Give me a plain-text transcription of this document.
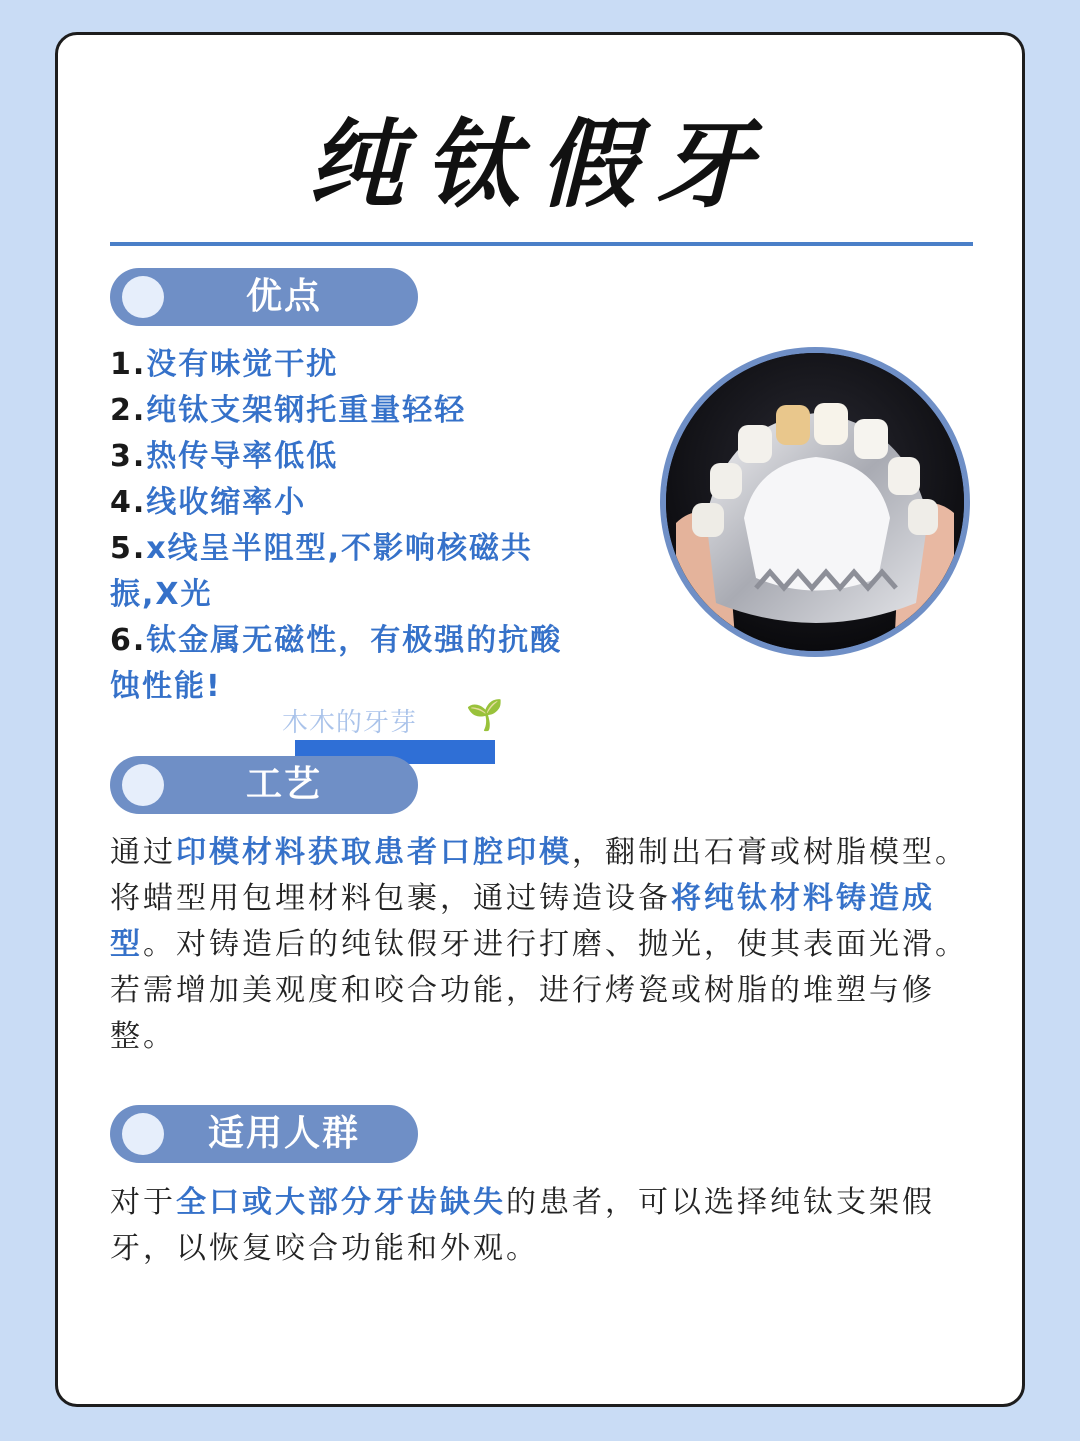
纯钛假牙
优点
1.没有味觉干扰
2.纯钛支架钢托重量轻轻
3.热传导率低低
4.线收缩率小
5.x线呈半阻型,不影响核磁共振,X光
6.钛金属无磁性，有极强的抗酸蚀性能!
木木的牙芽 🌱
工艺
通过印模材料获取患者口腔印模，翻制出石膏或树脂模型。将蜡型用包埋材料包裹，通过铸造设备将纯钛材料铸造成型。对铸造后的纯钛假牙进行打磨、抛光，使其表面光滑。若需增加美观度和咬合功能，进行烤瓷或树脂的堆塑与修整。
适用人群
对于全口或大部分牙齿缺失的患者，可以选择纯钛支架假牙，以恢复咬合功能和外观。
